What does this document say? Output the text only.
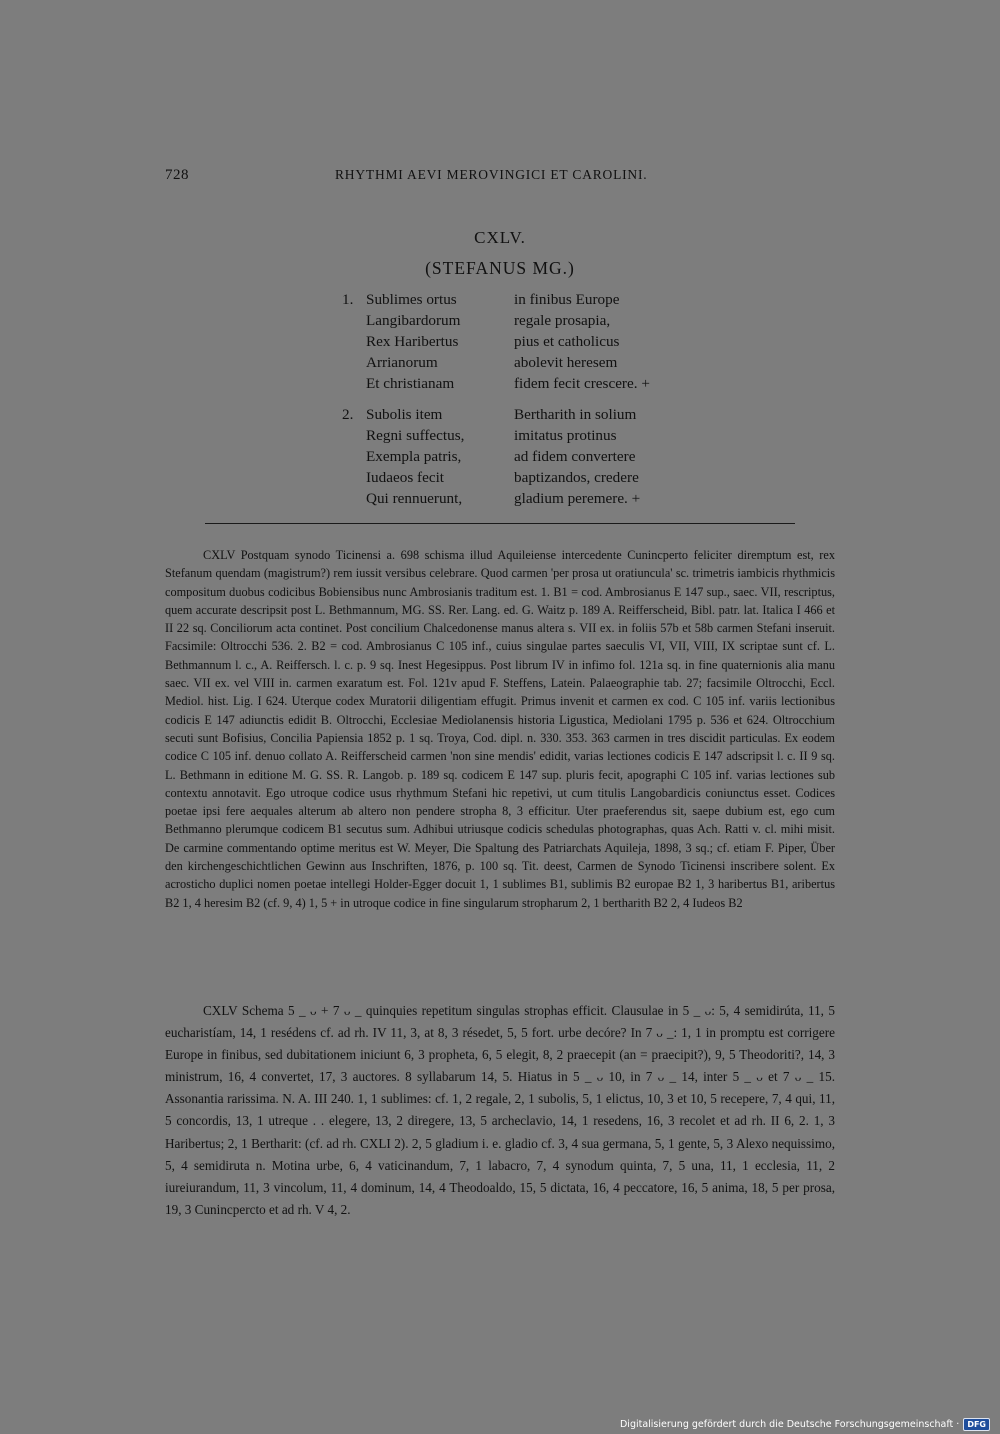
728	RHYTHMI AEVI MEROVINGICI ET CAROLINI.
CXLV.
(STEFANUS MG.)
1. Sublimes ortus	in finibus Europe
Langibardorum	regale prosapia,
Rex Haribertus	pius et catholicus
Arrianorum	abolevit heresem
Et christianam	fidem fecit crescere. +
2. Subolis item	Bertharith in solium
Regni suffectus,	imitatus protinus
Exempla patris,	ad fidem convertere
Iudaeos fecit	baptizandos, credere
Qui rennuerunt,	gladium peremere. +

CXLV Postquam synodo Ticinensi a. 698 schisma illud Aquileiense intercedente Cunincperto feliciter diremptum est, rex Stefanum quendam (magistrum?) rem iussit versibus celebrare. Quod carmen 'per prosa ut oratiuncula' sc. trimetris iambicis rhythmicis compositum duobus codicibus Bobiensibus nunc Ambrosianis traditum est. 1. B1 = cod. Ambrosianus E 147 sup., saec. VII, rescriptus, quem accurate descripsit post L. Bethmannum, MG. SS. Rer. Lang. ed. G. Waitz p. 189 A. Reifferscheid, Bibl. patr. lat. Italica I 466 et II 22 sq. Conciliorum acta continet. Post concilium Chalcedonense manus altera s. VII ex. in foliis 57b et 58b carmen Stefani inseruit. Facsimile: Oltrocchi 536. 2. B2 = cod. Ambrosianus C 105 inf., cuius singulae partes saeculis VI, VII, VIII, IX scriptae sunt cf. L. Bethmannum l. c., A. Reiffersch. l. c. p. 9 sq. Inest Hegesippus. Post librum IV in infimo fol. 121a sq. in fine quaternionis alia manu saec. VII ex. vel VIII in. carmen exaratum est. Fol. 121v apud F. Steffens, Latein. Palaeographie tab. 27; facsimile Oltrocchi, Eccl. Mediol. hist. Lig. I 624. Uterque codex Muratorii diligentiam effugit. Primus invenit et carmen ex cod. C 105 inf. variis lectionibus codicis E 147 adiunctis edidit B. Oltrocchi, Ecclesiae Mediolanensis historia Ligustica, Mediolani 1795 p. 536 et 624. Oltrocchium secuti sunt Bofisius, Concilia Papiensia 1852 p. 1 sq. Troya, Cod. dipl. n. 330. 353. 363 carmen in tres discidit particulas. Ex eodem codice C 105 inf. denuo collato A. Reifferscheid carmen 'non sine mendis' edidit, varias lectiones codicis E 147 adscripsit l. c. II 9 sq. L. Bethmann in editione M. G. SS. R. Langob. p. 189 sq. codicem E 147 sup. pluris fecit, apographi C 105 inf. varias lectiones sub contextu annotavit. Ego utroque codice usus rhythmum Stefani hic repetivi, ut cum titulis Langobardicis coniunctus esset. Codices poetae ipsi fere aequales alterum ab altero non pendere stropha 8, 3 efficitur. Uter praeferendus sit, saepe dubium est, ego cum Bethmanno plerumque codicem B1 secutus sum. Adhibui utriusque codicis schedulas photographas, quas Ach. Ratti v. cl. mihi misit. De carmine commentando optime meritus est W. Meyer, Die Spaltung des Patriarchats Aquileja, 1898, 3 sq.; cf. etiam F. Piper, Über den kirchengeschichtlichen Gewinn aus Inschriften, 1876, p. 100 sq. Tit. deest, Carmen de Synodo Ticinensi inscribere solent. Ex acrosticho duplici nomen poetae intellegi Holder-Egger docuit 1, 1 sublimes B1, sublimis B2 europae B2 1, 3 haribertus B1, aribertus B2 1, 4 heresim B2 (cf. 9, 4) 1, 5 + in utroque codice in fine singularum stropharum 2, 1 bertharith B2 2, 4 Iudeos B2

CXLV Schema 5 _ ᴗ + 7 ᴗ _ quinquies repetitum singulas strophas efficit. Clausulae in 5 _ ᴗ: 5, 4 semidirúta, 11, 5 eucharistíam, 14, 1 resédens cf. ad rh. IV 11, 3, at 8, 3 résedet, 5, 5 fort. urbe decóre? In 7 ᴗ _: 1, 1 in promptu est corrigere Europe in finibus, sed dubitationem iniciunt 6, 3 propheta, 6, 5 elegit, 8, 2 praecepit (an = praecipit?), 9, 5 Theodoriti?, 14, 3 ministrum, 16, 4 convertet, 17, 3 auctores. 8 syllabarum 14, 5. Hiatus in 5 _ ᴗ 10, in 7 ᴗ _ 14, inter 5 _ ᴗ et 7 ᴗ _ 15. Assonantia rarissima. N. A. III 240. 1, 1 sublimes: cf. 1, 2 regale, 2, 1 subolis, 5, 1 elictus, 10, 3 et 10, 5 recepere, 7, 4 qui, 11, 5 concordis, 13, 1 utreque . . elegere, 13, 2 diregere, 13, 5 archeclavio, 14, 1 resedens, 16, 3 recolet et ad rh. II 6, 2. 1, 3 Haribertus; 2, 1 Bertharit: (cf. ad rh. CXLI 2). 2, 5 gladium i. e. gladio cf. 3, 4 sua germana, 5, 1 gente, 5, 3 Alexo nequissimo, 5, 4 semidiruta n. Motina urbe, 6, 4 vaticinandum, 7, 1 labacro, 7, 4 synodum quinta, 7, 5 una, 11, 1 ecclesia, 11, 2 iureiurandum, 11, 3 vincolum, 11, 4 dominum, 14, 4 Theodoaldo, 15, 5 dictata, 16, 4 peccatore, 16, 5 anima, 18, 5 per prosa, 19, 3 Cunincpercto et ad rh. V 4, 2.

Digitalisierung gefördert durch die Deutsche Forschungsgemeinschaft ·	DFG
